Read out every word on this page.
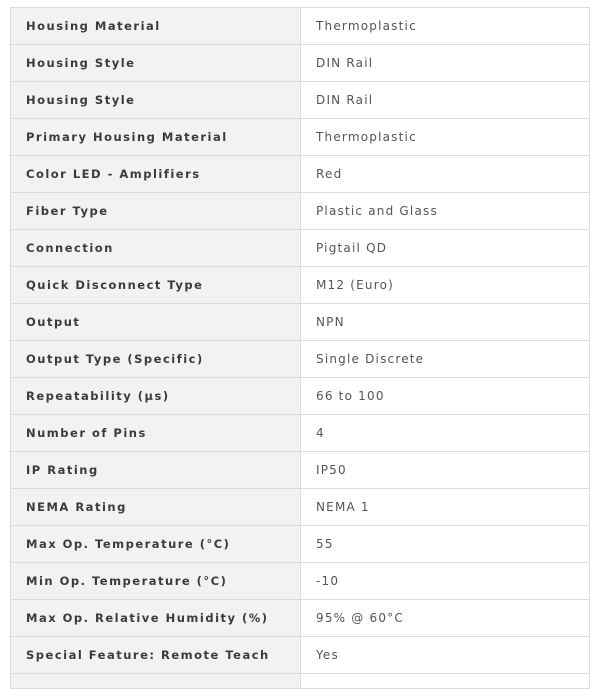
Housing Material	Thermoplastic
Housing Style	DIN Rail
Housing Style	DIN Rail
Primary Housing Material	Thermoplastic
Color LED - Amplifiers	Red
Fiber Type	Plastic and Glass
Connection	Pigtail QD
Quick Disconnect Type	M12 (Euro)
Output	NPN
Output Type (Specific)	Single Discrete
Repeatability (µs)	66 to 100
Number of Pins	4
IP Rating	IP50
NEMA Rating	NEMA 1
Max Op. Temperature (°C)	55
Min Op. Temperature (°C)	-10
Max Op. Relative Humidity (%)	95% @ 60°C
Special Feature: Remote Teach	Yes
